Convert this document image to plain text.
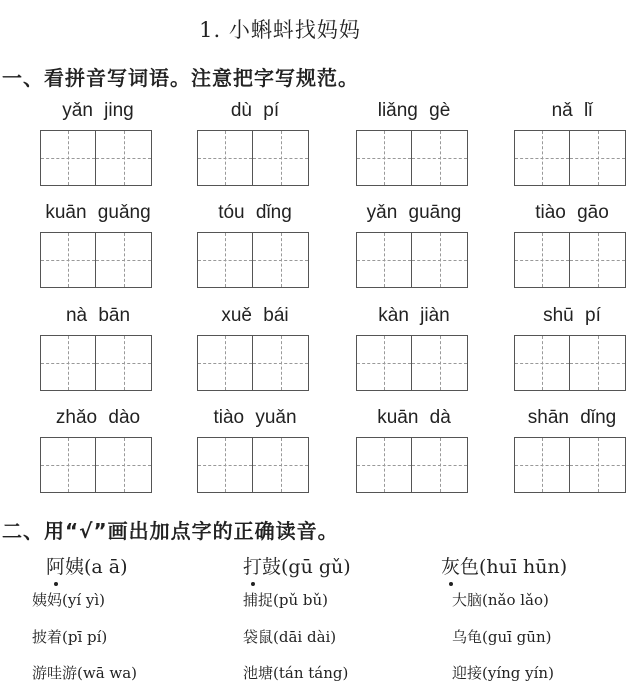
1. 小蝌蚪找妈妈
一、看拼音写词语。注意把字写规范。
yǎn jing	dù pí	liǎng gè	nǎ lǐ
kuān guǎng	tóu dǐng	yǎn guāng	tiào gāo
nà bān	xuě bái	kàn jiàn	shū pí
zhǎo dào	tiào yuǎn	kuān dà	shān dǐng
二、用“√”画出加点字的正确读音。
阿姨(a ā)	打鼓(gū gǔ)	灰色(huī hūn)
姨妈(yí yì)	捕捉(pǔ bǔ)	大脑(nǎo lǎo)
披着(pī pí)	袋鼠(dāi dài)	乌龟(guī gūn)
游哇游(wā wa)	池塘(tán táng)	迎接(yíng yín)
